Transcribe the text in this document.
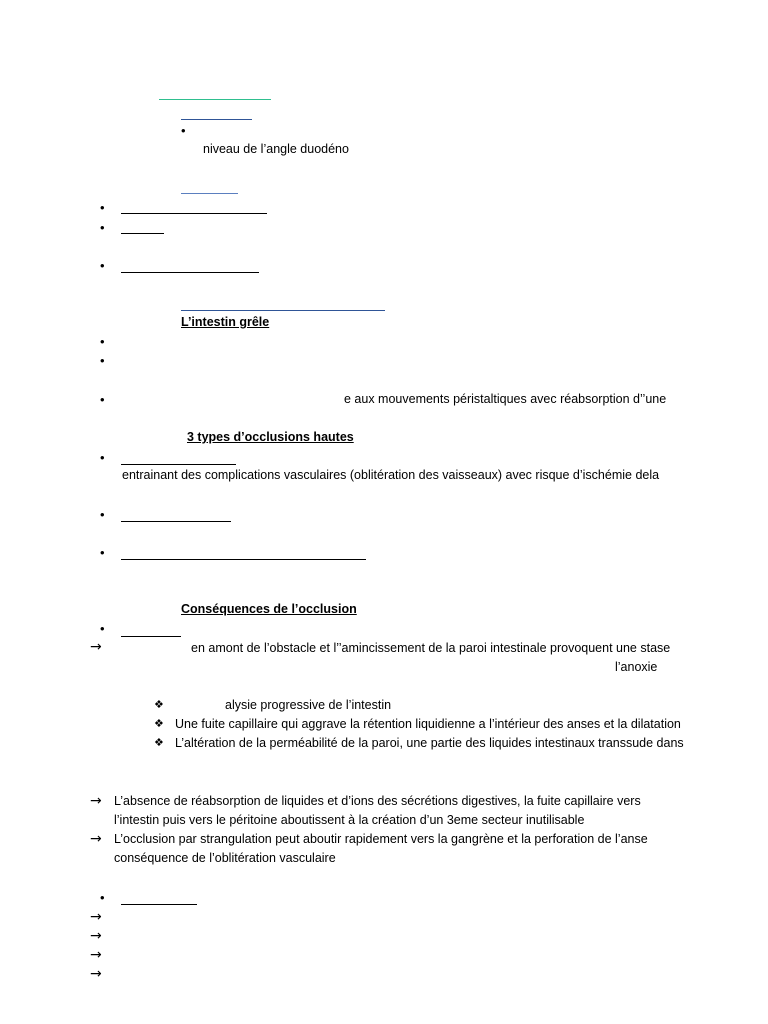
•
niveau de l’angle duodéno
•
•
•
L’intestin grêle
•
•
•	e aux mouvements péristaltiques avec réabsorption d’’une
3 types d’occlusions hautes
•
entrainant des complications vasculaires (oblitération des vaisseaux) avec risque d’ischémie dela
•
•
Conséquences de l’occlusion
•
→	en amont de l’obstacle et l’’amincissement de la paroi intestinale provoquent une stase
l’anoxie
❖	alysie progressive de l’intestin
❖ Une fuite capillaire qui aggrave la rétention liquidienne a l’intérieur des anses et la dilatation
❖ L’altération de la perméabilité de la paroi, une partie des liquides intestinaux transsude dans
→ L’absence de réabsorption de liquides et d’ions des sécrétions digestives, la fuite capillaire vers
l’intestin puis vers le péritoine aboutissent à la création d’un 3eme secteur inutilisable
→ L’occlusion par strangulation peut aboutir rapidement vers la gangrène et la perforation de l’anse
conséquence de l’oblitération vasculaire
•
→
→
→
→
